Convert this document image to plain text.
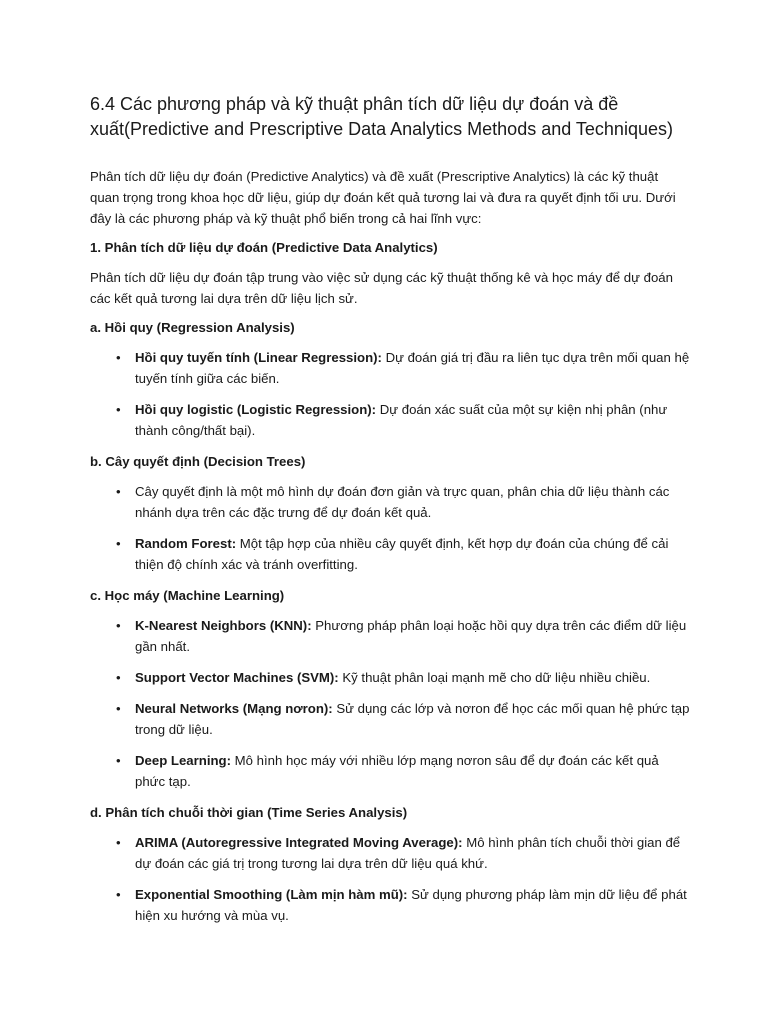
6.4 Các phương pháp và kỹ thuật phân tích dữ liệu dự đoán và đề xuất(Predictive and Prescriptive Data Analytics Methods and Techniques)

Phân tích dữ liệu dự đoán (Predictive Analytics) và đề xuất (Prescriptive Analytics) là các kỹ thuật quan trọng trong khoa học dữ liệu, giúp dự đoán kết quả tương lai và đưa ra quyết định tối ưu. Dưới đây là các phương pháp và kỹ thuật phổ biến trong cả hai lĩnh vực:

1. Phân tích dữ liệu dự đoán (Predictive Data Analytics)

Phân tích dữ liệu dự đoán tập trung vào việc sử dụng các kỹ thuật thống kê và học máy để dự đoán các kết quả tương lai dựa trên dữ liệu lịch sử.

a. Hồi quy (Regression Analysis)

• Hồi quy tuyến tính (Linear Regression): Dự đoán giá trị đầu ra liên tục dựa trên mối quan hệ tuyến tính giữa các biến.
• Hồi quy logistic (Logistic Regression): Dự đoán xác suất của một sự kiện nhị phân (như thành công/thất bại).

b. Cây quyết định (Decision Trees)

• Cây quyết định là một mô hình dự đoán đơn giản và trực quan, phân chia dữ liệu thành các nhánh dựa trên các đặc trưng để dự đoán kết quả.
• Random Forest: Một tập hợp của nhiều cây quyết định, kết hợp dự đoán của chúng để cải thiện độ chính xác và tránh overfitting.

c. Học máy (Machine Learning)

• K-Nearest Neighbors (KNN): Phương pháp phân loại hoặc hồi quy dựa trên các điểm dữ liệu gần nhất.
• Support Vector Machines (SVM): Kỹ thuật phân loại mạnh mẽ cho dữ liệu nhiều chiều.
• Neural Networks (Mạng nơron): Sử dụng các lớp và nơron để học các mối quan hệ phức tạp trong dữ liệu.
• Deep Learning: Mô hình học máy với nhiều lớp mạng nơron sâu để dự đoán các kết quả phức tạp.

d. Phân tích chuỗi thời gian (Time Series Analysis)

• ARIMA (Autoregressive Integrated Moving Average): Mô hình phân tích chuỗi thời gian để dự đoán các giá trị trong tương lai dựa trên dữ liệu quá khứ.
• Exponential Smoothing (Làm mịn hàm mũ): Sử dụng phương pháp làm mịn dữ liệu để phát hiện xu hướng và mùa vụ.
